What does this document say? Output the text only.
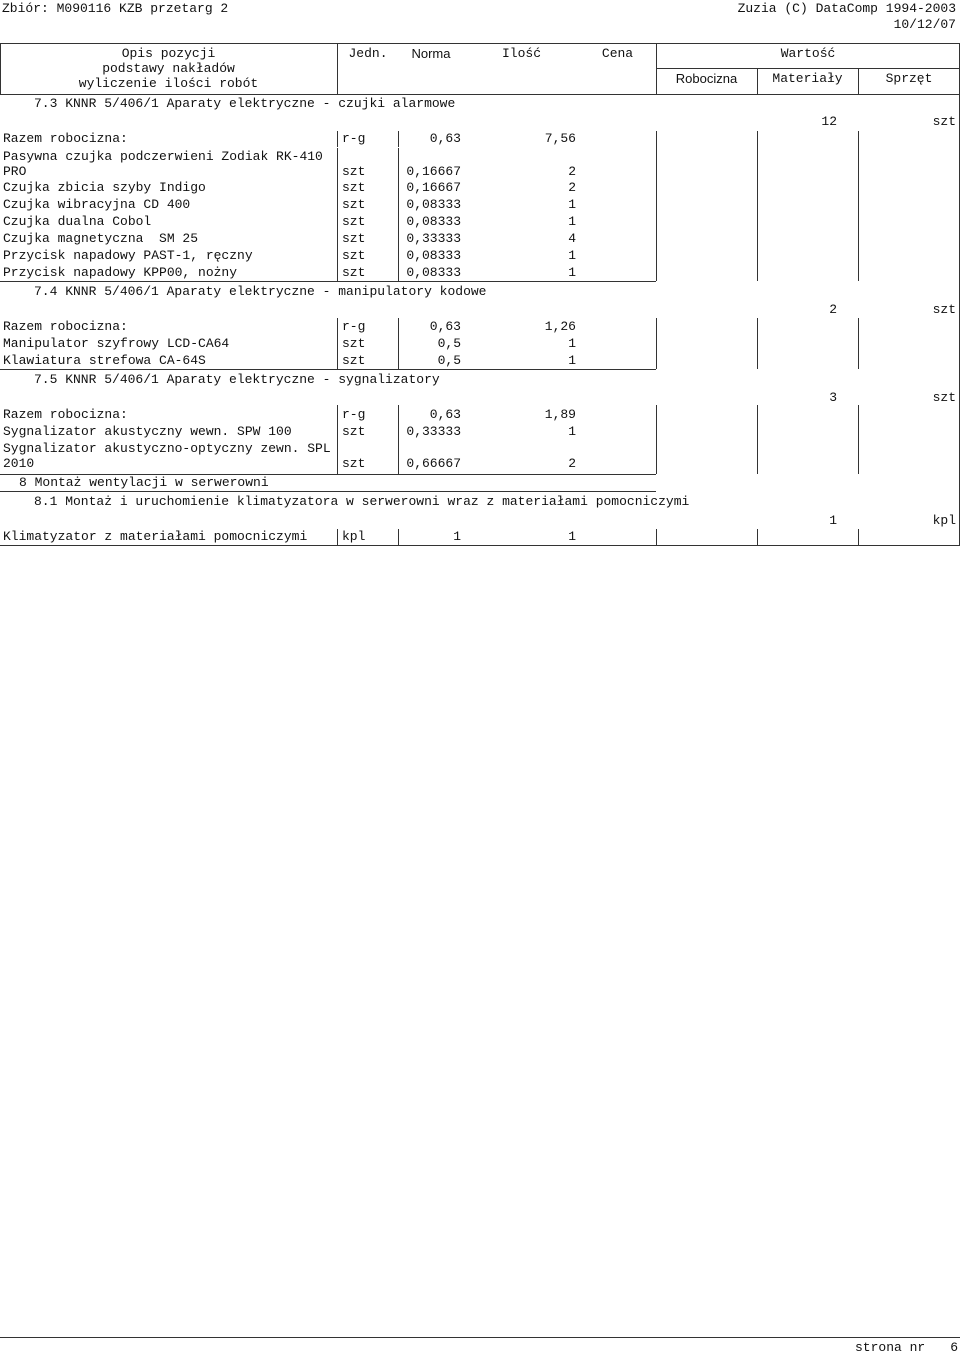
Zbiór: M090116 KZB przetarg 2	Zuzia (C) DataComp 1994-2003
10/12/07
Opis pozycji
podstawy nakładów
wyliczenie ilości robót
Jedn.	Norma	Ilość	Cena	Wartość
Robocizna	Materiały	Sprzęt
7.3 KNNR 5/406/1 Aparaty elektryczne - czujki alarmowe
12	szt
Razem robocizna:	r-g	0,63	7,56
Pasywna czujka podczerwieni Zodiak RK-410
PRO	szt	0,16667	2
Czujka zbicia szyby Indigo	szt	0,16667	2
Czujka wibracyjna CD 400	szt	0,08333	1
Czujka dualna Cobol	szt	0,08333	1
Czujka magnetyczna  SM 25	szt	0,33333	4
Przycisk napadowy PAST-1, ręczny	szt	0,08333	1
Przycisk napadowy KPP00, nożny	szt	0,08333	1
7.4 KNNR 5/406/1 Aparaty elektryczne - manipulatory kodowe
2	szt
Razem robocizna:	r-g	0,63	1,26
Manipulator szyfrowy LCD-CA64	szt	0,5	1
Klawiatura strefowa CA-64S	szt	0,5	1
7.5 KNNR 5/406/1 Aparaty elektryczne - sygnalizatory
3	szt
Razem robocizna:	r-g	0,63	1,89
Sygnalizator akustyczny wewn. SPW 100	szt	0,33333	1
Sygnalizator akustyczno-optyczny zewn. SPL
2010	szt	0,66667	2
8 Montaż wentylacji w serwerowni
8.1 Montaż i uruchomienie klimatyzatora w serwerowni wraz z materiałami pomocniczymi
1	kpl
Klimatyzator z materiałami pomocniczymi	kpl	1	1
strona nr 6
